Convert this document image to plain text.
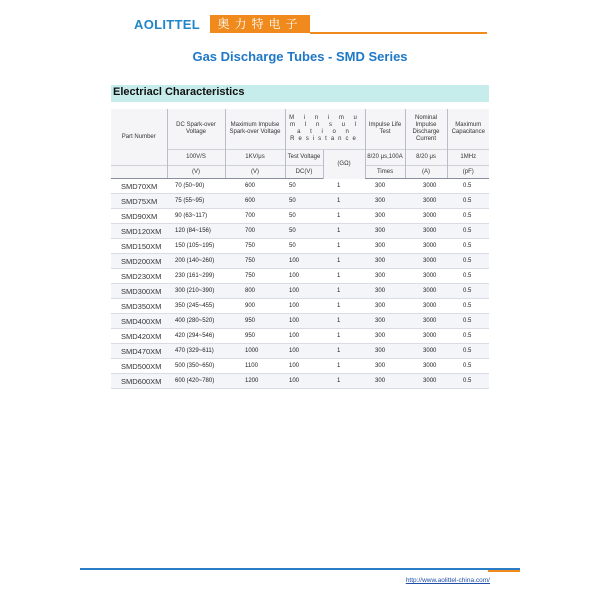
AOLITTEL	奥力特电子
Gas Discharge Tubes - SMD Series
Electriacl Characteristics
Part Number	DC Spark-over Voltage	Maximum Impulse Spark-over Voltage	M i n i m u m I n s u l a t i o n Resistance		Impulse Life Test	Nominal Impulse Discharge Current	Maximum Capacitance
	100V/S	1KV/μs	Test Voltage	(GΩ)	8/20 μs,100A	8/20 μs	1MHz
	(V)	(V)	DC(V)		Times	(A)	(pF)
SMD70XM	70 (50~90)	600	50	1	300	3000	0.5
SMD75XM	75 (55~95)	600	50	1	300	3000	0.5
SMD90XM	90 (63~117)	700	50	1	300	3000	0.5
SMD120XM	120 (84~156)	700	50	1	300	3000	0.5
SMD150XM	150 (105~195)	750	50	1	300	3000	0.5
SMD200XM	200 (140~260)	750	100	1	300	3000	0.5
SMD230XM	230 (161~299)	750	100	1	300	3000	0.5
SMD300XM	300 (210~390)	800	100	1	300	3000	0.5
SMD350XM	350 (245~455)	900	100	1	300	3000	0.5
SMD400XM	400 (280~520)	950	100	1	300	3000	0.5
SMD420XM	420 (294~546)	950	100	1	300	3000	0.5
SMD470XM	470 (329~611)	1000	100	1	300	3000	0.5
SMD500XM	500 (350~650)	1100	100	1	300	3000	0.5
SMD600XM	600 (420~780)	1200	100	1	300	3000	0.5
http://www.aolittel-china.com/
